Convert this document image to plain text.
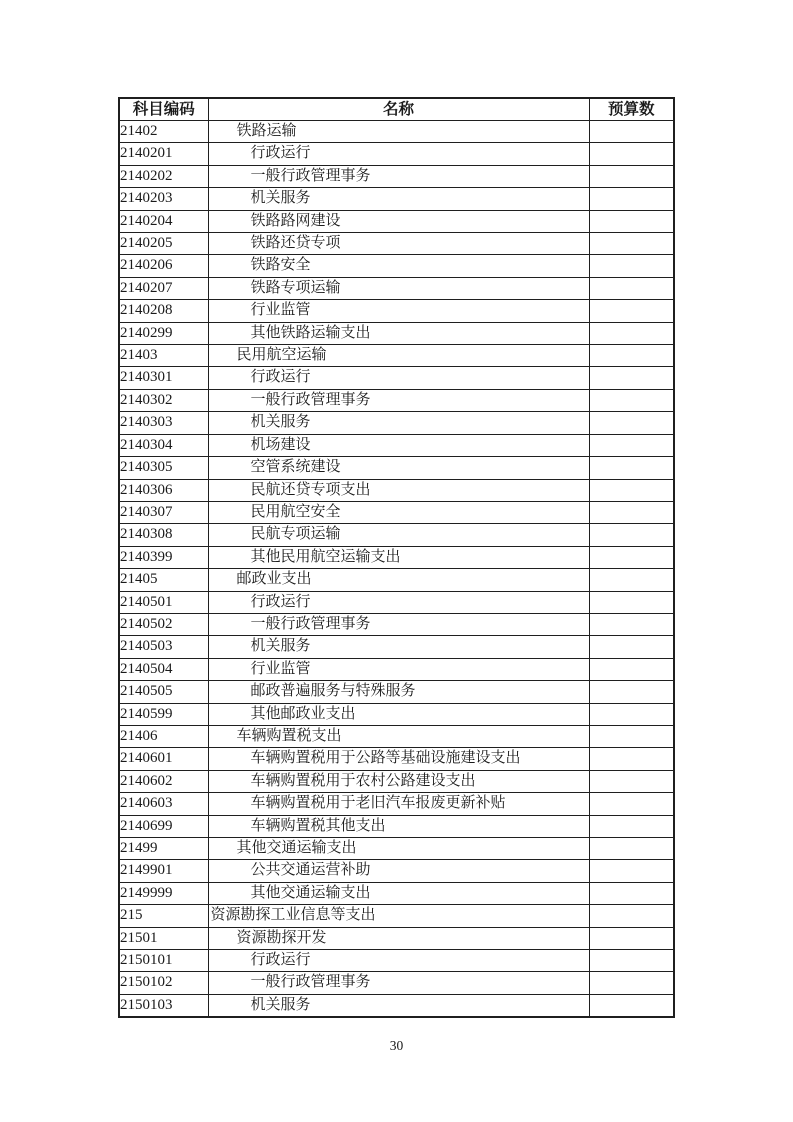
科目编码	名称	预算数
21402	铁路运输	
2140201	行政运行	
2140202	一般行政管理事务	
2140203	机关服务	
2140204	铁路路网建设	
2140205	铁路还贷专项	
2140206	铁路安全	
2140207	铁路专项运输	
2140208	行业监管	
2140299	其他铁路运输支出	
21403	民用航空运输	
2140301	行政运行	
2140302	一般行政管理事务	
2140303	机关服务	
2140304	机场建设	
2140305	空管系统建设	
2140306	民航还贷专项支出	
2140307	民用航空安全	
2140308	民航专项运输	
2140399	其他民用航空运输支出	
21405	邮政业支出	
2140501	行政运行	
2140502	一般行政管理事务	
2140503	机关服务	
2140504	行业监管	
2140505	邮政普遍服务与特殊服务	
2140599	其他邮政业支出	
21406	车辆购置税支出	
2140601	车辆购置税用于公路等基础设施建设支出	
2140602	车辆购置税用于农村公路建设支出	
2140603	车辆购置税用于老旧汽车报废更新补贴	
2140699	车辆购置税其他支出	
21499	其他交通运输支出	
2149901	公共交通运营补助	
2149999	其他交通运输支出	
215	资源勘探工业信息等支出	
21501	资源勘探开发	
2150101	行政运行	
2150102	一般行政管理事务	
2150103	机关服务	
30
